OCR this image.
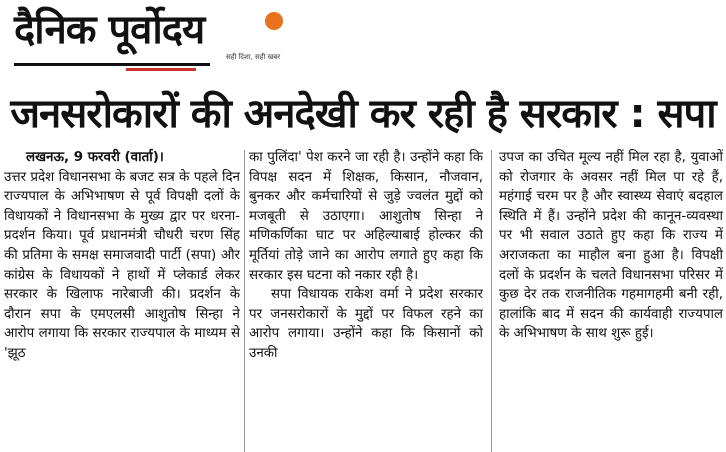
दैनिक पूर्वोदय
सही दिशा, सही खबर
जनसरोकारों की अनदेखी कर रही है सरकार : सपा

लखनऊ, 9 फरवरी (वार्ता)।

उत्तर प्रदेश विधानसभा के बजट सत्र के पहले दिन राज्यपाल के अभिभाषण से पूर्व विपक्षी दलों के विधायकों ने विधानसभा के मुख्य द्वार पर धरना-प्रदर्शन किया। पूर्व प्रधानमंत्री चौधरी चरण सिंह की प्रतिमा के समक्ष समाजवादी पार्टी (सपा) और कांग्रेस के विधायकों ने हाथों में प्लेकार्ड लेकर सरकार के खिलाफ नारेबाजी की। प्रदर्शन के दौरान सपा के एमएलसी आशुतोष सिन्हा ने आरोप लगाया कि सरकार राज्यपाल के माध्यम से 'झूठ

का पुलिंदा' पेश करने जा रही है। उन्होंने कहा कि विपक्ष सदन में शिक्षक, किसान, नौजवान, बुनकर और कर्मचारियों से जुड़े ज्वलंत मुद्दों को मजबूती से उठाएगा। आशुतोष सिन्हा ने मणिकर्णिका घाट पर अहिल्याबाई होल्कर की मूर्तियां तोड़े जाने का आरोप लगाते हुए कहा कि सरकार इस घटना को नकार रही है।

सपा विधायक राकेश वर्मा ने प्रदेश सरकार पर जनसरोकारों के मुद्दों पर विफल रहने का आरोप लगाया। उन्होंने कहा कि किसानों को उनकी

उपज का उचित मूल्य नहीं मिल रहा है, युवाओं को रोजगार के अवसर नहीं मिल पा रहे हैं, महंगाई चरम पर है और स्वास्थ्य सेवाएं बदहाल स्थिति में हैं। उन्होंने प्रदेश की कानून-व्यवस्था पर भी सवाल उठाते हुए कहा कि राज्य में अराजकता का माहौल बना हुआ है। विपक्षी दलों के प्रदर्शन के चलते विधानसभा परिसर में कुछ देर तक राजनीतिक गहमागहमी बनी रही, हालांकि बाद में सदन की कार्यवाही राज्यपाल के अभिभाषण के साथ शुरू हुई।
